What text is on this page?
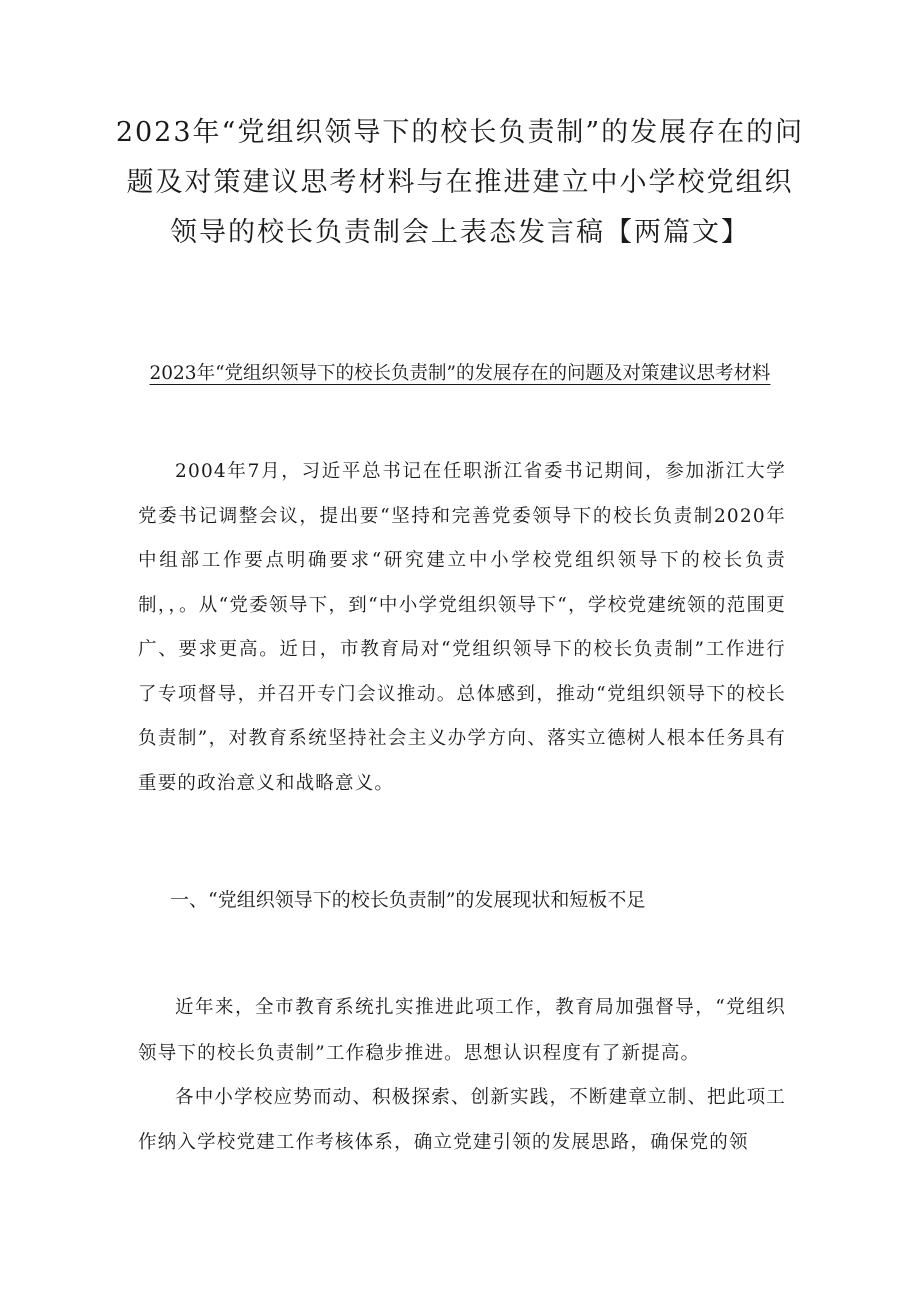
2023年“党组织领导下的校长负责制”的发展存在的问题及对策建议思考材料与在推进建立中小学校党组织领导的校长负责制会上表态发言稿【两篇文】
2023年“党组织领导下的校长负责制”的发展存在的问题及对策建议思考材料
2004年7月，习近平总书记在任职浙江省委书记期间，参加浙江大学党委书记调整会议，提出要“坚持和完善党委领导下的校长负责制2020年中组部工作要点明确要求“研究建立中小学校党组织领导下的校长负责制，，。从“党委领导下，到“中小学党组织领导下“，学校党建统领的范围更广、要求更高。近日，市教育局对“党组织领导下的校长负责制”工作进行了专项督导，并召开专门会议推动。总体感到，推动“党组织领导下的校长负责制”，对教育系统坚持社会主义办学方向、落实立德树人根本任务具有重要的政治意义和战略意义。
一、“党组织领导下的校长负责制”的发展现状和短板不足
近年来，全市教育系统扎实推进此项工作，教育局加强督导，“党组织领导下的校长负责制”工作稳步推进。思想认识程度有了新提高。
各中小学校应势而动、积极探索、创新实践，不断建章立制、把此项工作纳入学校党建工作考核体系，确立党建引领的发展思路，确保党的领
